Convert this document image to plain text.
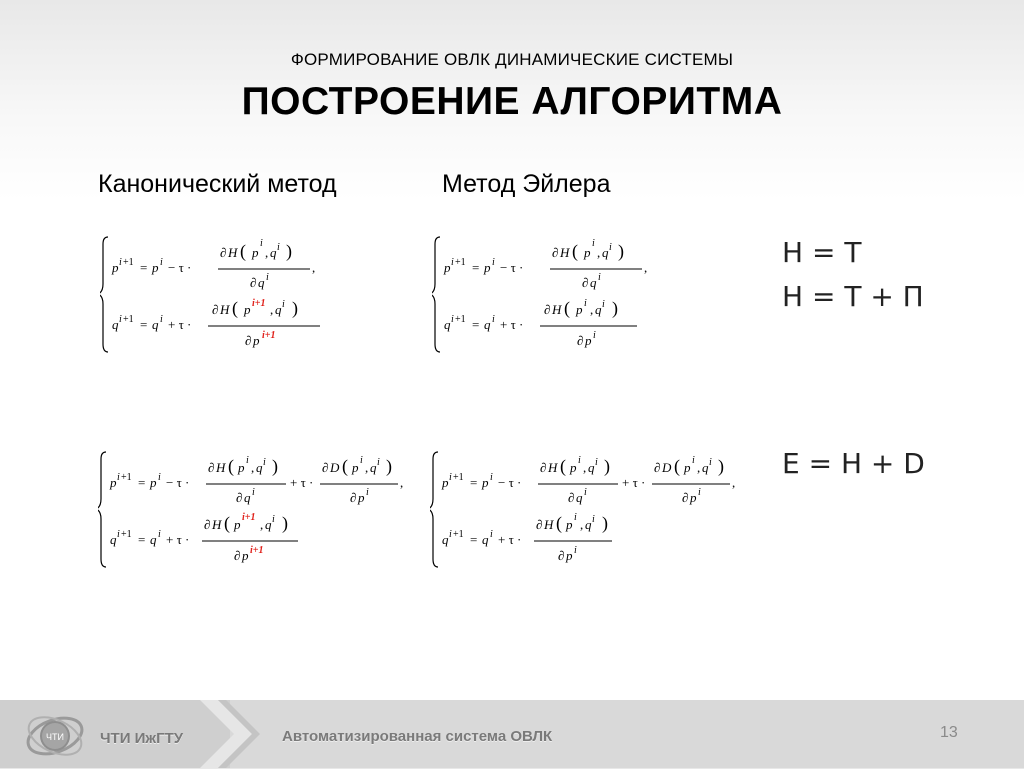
ФОРМИРОВАНИЕ ОВЛК ДИНАМИЧЕСКИЕ СИСТЕМЫ
ПОСТРОЕНИЕ АЛГОРИТМА
Канонический метод	Метод Эйлера
p i +1 = p i − τ ·
∂ H ( p
i
, q i )
∂ q i
,
q i +1 = q i + τ ·
∂ H ( p i+1 , q i )
∂ p i+1
p i +1 = p i − τ ·
∂ H ( p
i
, q i )
∂ q i
,
q i +1 = q i + τ ·
∂ H ( p i , q i )
∂ p i
p i +1 = p i − τ ·
∂ H ( p i , q i )
∂ q i
+ τ ·
∂ D ( p i , q i )
∂ p i
,
q i +1 = q i + τ ·
∂ H ( p i+1 , q i )
∂ p i+1
p i +1 = p i − τ ·
∂ H ( p i , q i )
∂ q i
+ τ ·
∂ D ( p i , q i )
∂ p i
,
q i +1 = q i + τ ·
∂ H ( p i , q i )
∂ p i
H = T
H = T + П
E = H + D
ЧТИ ЧТИ ИжГТУ	Автоматизированная система ОВЛК	13
